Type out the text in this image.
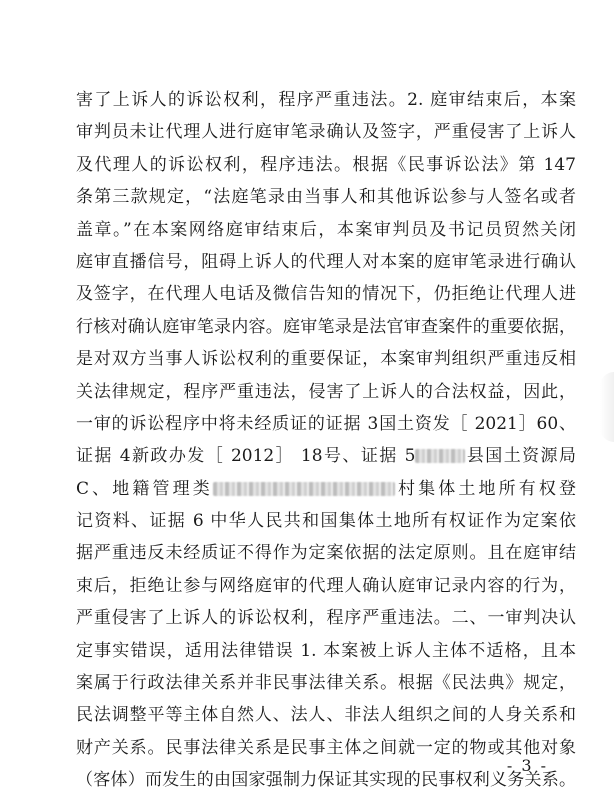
害了上诉人的诉讼权利，程序严重违法。2. 庭审结束后，本案
审判员未让代理人进行庭审笔录确认及签字，严重侵害了上诉人
及代理人的诉讼权利，程序违法。根据《民事诉讼法》第 147
条第三款规定，“法庭笔录由当事人和其他诉讼参与人签名或者
盖章。”在本案网络庭审结束后，本案审判员及书记员贸然关闭
庭审直播信号，阻碍上诉人的代理人对本案的庭审笔录进行确认
及签字，在代理人电话及微信告知的情况下，仍拒绝让代理人进
行核对确认庭审笔录内容。庭审笔录是法官审查案件的重要依据，
是对双方当事人诉讼权利的重要保证，本案审判组织严重违反相
关法律规定，程序严重违法，侵害了上诉人的合法权益，因此，
一审的诉讼程序中将未经质证的证据 3国土资发［ 2021］60、
证据 4新政办发［ 2012］ 18号、证据 5	县国土资源局
C、地籍管理类	村集体土地所有权登
记资料、证据 6 中华人民共和国集体土地所有权证作为定案依
据严重违反未经质证不得作为定案依据的法定原则。且在庭审结
束后，拒绝让参与网络庭审的代理人确认庭审记录内容的行为，
严重侵害了上诉人的诉讼权利，程序严重违法。二、一审判决认
定事实错误，适用法律错误 1. 本案被上诉人主体不适格，且本
案属于行政法律关系并非民事法律关系。根据《民法典》规定，
民法调整平等主体自然人、法人、非法人组织之间的人身关系和
财产关系。民事法律关系是民事主体之间就一定的物或其他对象
（客体）而发生的由国家强制力保证其实现的民事权利义务关系。
- 3 -
